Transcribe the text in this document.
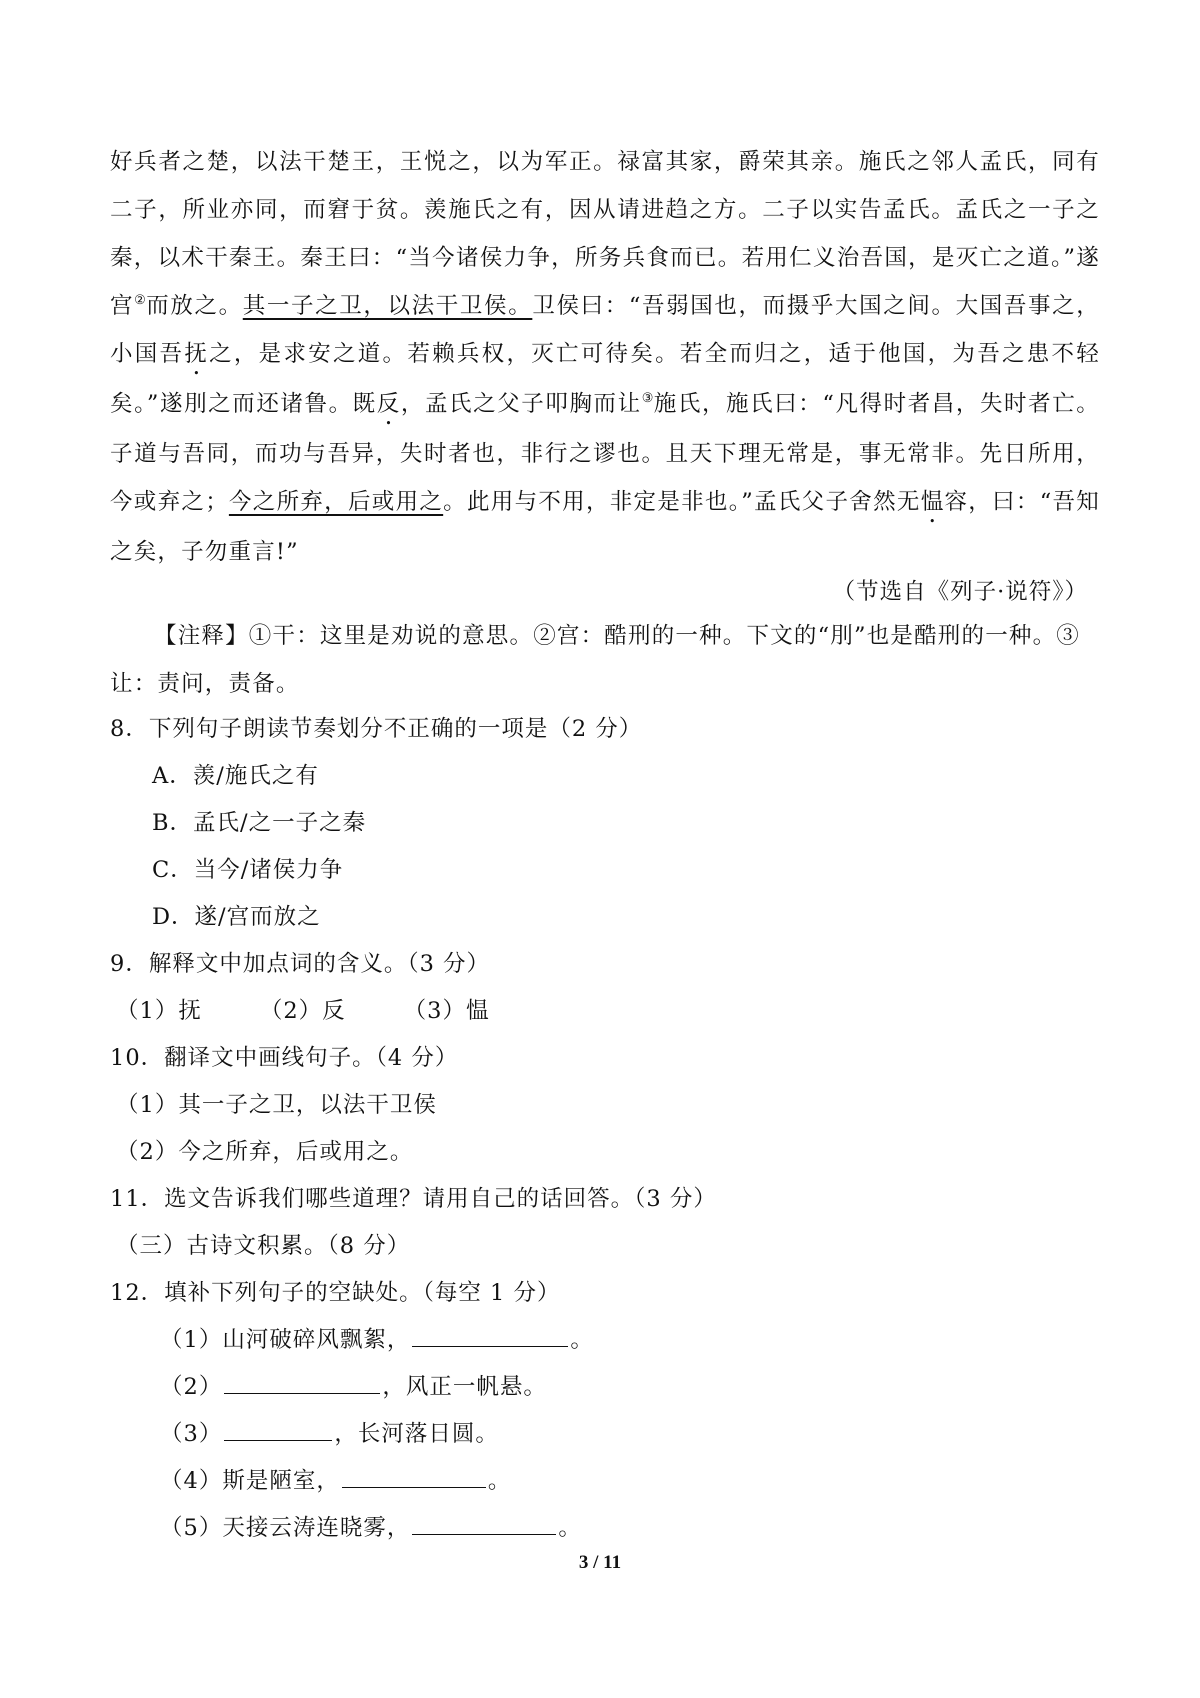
好兵者之楚，以法干楚王，王悦之，以为军正。禄富其家，爵荣其亲。施氏之邻人孟氏，同有二子，所业亦同，而窘于贫。羡施氏之有，因从请进趋之方。二子以实告孟氏。孟氏之一子之秦，以术干秦王。秦王曰：“当今诸侯力争，所务兵食而已。若用仁义治吾国，是灭亡之道。”遂宫②而放之。其一子之卫，以法干卫侯。卫侯曰：“吾弱国也，而摄乎大国之间。大国吾事之，小国吾抚之，是求安之道。若赖兵权，灭亡可待矣。若全而归之，适于他国，为吾之患不轻矣。”遂刖之而还诸鲁。既反，孟氏之父子叩胸而让③施氏，施氏曰：“凡得时者昌，失时者亡。子道与吾同，而功与吾异，失时者也，非行之谬也。且天下理无常是，事无常非。先日所用，今或弃之；今之所弃，后或用之。此用与不用，非定是非也。”孟氏父子舍然无愠容，曰：“吾知之矣，子勿重言!”

（节选自《列子·说符》）

【注释】①干：这里是劝说的意思。②宫：酷刑的一种。下文的“刖”也是酷刑的一种。③让：责问，责备。

8．下列句子朗读节奏划分不正确的一项是（2 分）
A．羡/施氏之有
B．孟氏/之一子之秦
C．当今/诸侯力争
D．遂/宫而放之
9．解释文中加点词的含义。（3 分）
（1）抚	（2）反	（3）愠
10．翻译文中画线句子。（4 分）
（1）其一子之卫，以法干卫侯
（2）今之所弃，后或用之。
11．选文告诉我们哪些道理？请用自己的话回答。（3 分）
（三）古诗文积累。（8 分）
12．填补下列句子的空缺处。（每空 1 分）
（1）山河破碎风飘絮，	。
（2）	，风正一帆悬。
（3）	，长河落日圆。
（4）斯是陋室，	。
（5）天接云涛连晓雾，	。
3 / 11
